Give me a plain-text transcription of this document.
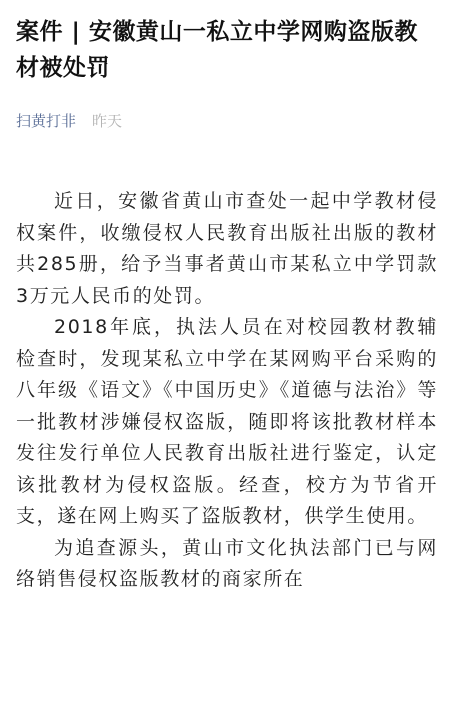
案件 | 安徽黄山一私立中学网购盗版教材被处罚
扫黄打非 昨天

近日，安徽省黄山市查处一起中学教材侵权案件，收缴侵权人民教育出版社出版的教材共285册，给予当事者黄山市某私立中学罚款3万元人民币的处罚。

2018年底，执法人员在对校园教材教辅检查时，发现某私立中学在某网购平台采购的八年级《语文》《中国历史》《道德与法治》等一批教材涉嫌侵权盗版，随即将该批教材样本发往发行单位人民教育出版社进行鉴定，认定该批教材为侵权盗版。经查，校方为节省开支，遂在网上购买了盗版教材，供学生使用。

为追查源头，黄山市文化执法部门已与网络销售侵权盗版教材的商家所在
